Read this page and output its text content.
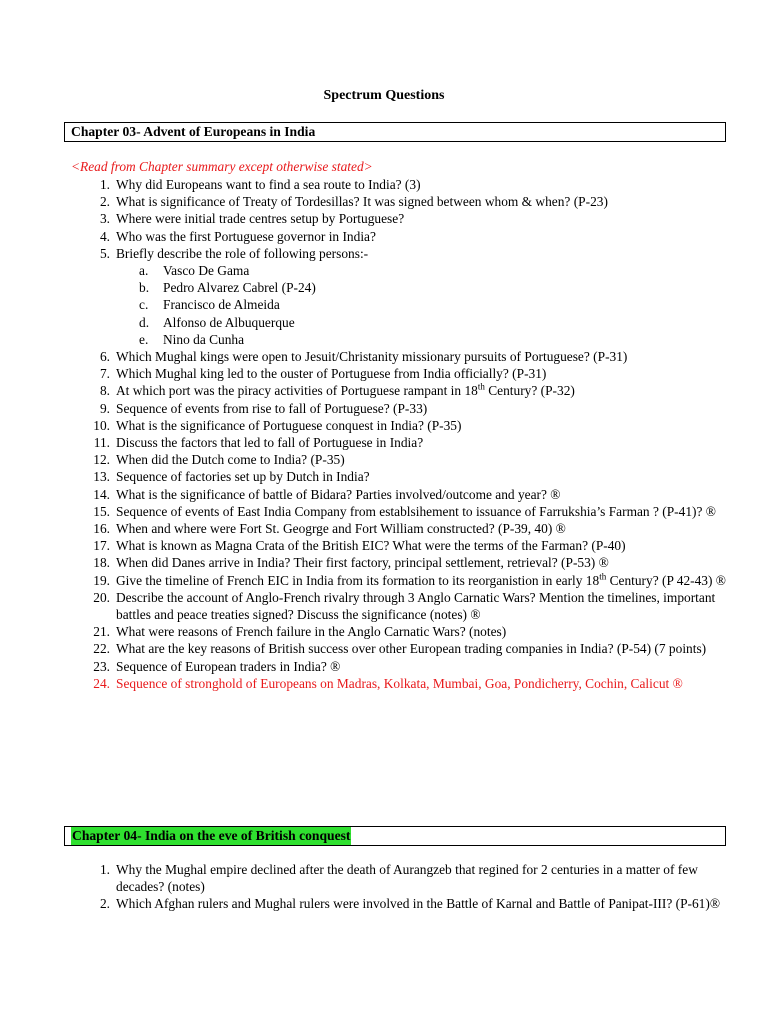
Spectrum Questions
Chapter 03- Advent of Europeans in India
<Read from Chapter summary except otherwise stated>
1. Why did Europeans want to find a sea route to India? (3)
2. What is significance of Treaty of Tordesillas? It was signed between whom & when? (P-23)
3. Where were initial trade centres setup by Portuguese?
4. Who was the first Portuguese governor in India?
5. Briefly describe the role of following persons:-
a. Vasco De Gama
b. Pedro Alvarez Cabrel (P-24)
c. Francisco de Almeida
d. Alfonso de Albuquerque
e. Nino da Cunha
6. Which Mughal kings were open to Jesuit/Christanity missionary pursuits of Portuguese? (P-31)
7. Which Mughal king led to the ouster of Portuguese from India officially? (P-31)
8. At which port was the piracy activities of Portuguese rampant in 18th Century? (P-32)
9. Sequence of events from rise to fall of Portuguese? (P-33)
10. What is the significance of Portuguese conquest in India? (P-35)
11. Discuss the factors that led to fall of Portuguese in India?
12. When did the Dutch come to India? (P-35)
13. Sequence of factories set up by Dutch in India?
14. What is the significance of battle of Bidara? Parties involved/outcome and year? ®
15. Sequence of events of East India Company from establsihement to issuance of Farrukshia’s Farman ? (P-41)? ®
16. When and where were Fort St. Geogrge and Fort William constructed? (P-39, 40) ®
17. What is known as Magna Crata of the British EIC? What were the terms of the Farman? (P-40)
18. When did Danes arrive in India? Their first factory, principal settlement, retrieval? (P-53) ®
19. Give the timeline of French EIC in India from its formation to its reorganistion in early 18th Century? (P 42-43) ®
20. Describe the account of Anglo-French rivalry through 3 Anglo Carnatic Wars? Mention the timelines, important battles and peace treaties signed? Discuss the significance (notes) ®
21. What were reasons of French failure in the Anglo Carnatic Wars? (notes)
22. What are the key reasons of British success over other European trading companies in India? (P-54) (7 points)
23. Sequence of European traders in India? ®
24. Sequence of stronghold of Europeans on Madras, Kolkata, Mumbai, Goa, Pondicherry, Cochin, Calicut ®
Chapter 04- India on the eve of British conquest
1. Why the Mughal empire declined after the death of Aurangzeb that regined for 2 centuries in a matter of few decades? (notes)
2. Which Afghan rulers and Mughal rulers were involved in the Battle of Karnal and Battle of Panipat-III? (P-61)®
